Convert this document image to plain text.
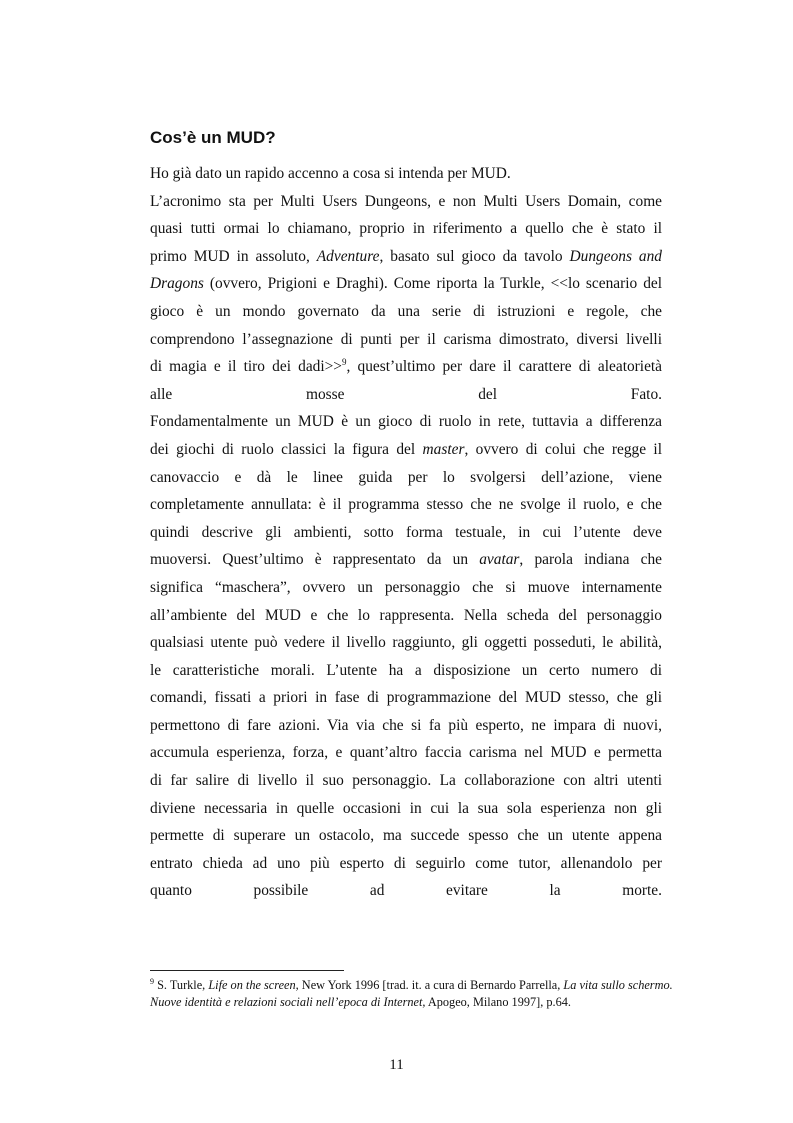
Cos’è un MUD?

Ho già dato un rapido accenno a cosa si intenda per MUD.

L’acronimo sta per Multi Users Dungeons, e non Multi Users Domain, come
quasi tutti ormai lo chiamano, proprio in riferimento a quello che è stato il
primo MUD in assoluto, Adventure, basato sul gioco da tavolo Dungeons and
Dragons (ovvero, Prigioni e Draghi). Come riporta la Turkle, <<lo scenario del
gioco è un mondo governato da una serie di istruzioni e regole, che
comprendono l’assegnazione di punti per il carisma dimostrato, diversi livelli
di magia e il tiro dei dadi>>$^9$, quest’ultimo per dare il carattere di aleatorietà
alle mosse del Fato.

Fondamentalmente un MUD è un gioco di ruolo in rete, tuttavia a differenza
dei giochi di ruolo classici la figura del master, ovvero di colui che regge il
canovaccio e dà le linee guida per lo svolgersi dell’azione, viene
completamente annullata: è il programma stesso che ne svolge il ruolo, e che
quindi descrive gli ambienti, sotto forma testuale, in cui l’utente deve
muoversi. Quest’ultimo è rappresentato da un avatar, parola indiana che
significa “maschera”, ovvero un personaggio che si muove internamente
all’ambiente del MUD e che lo rappresenta. Nella scheda del personaggio
qualsiasi utente può vedere il livello raggiunto, gli oggetti posseduti, le abilità,
le caratteristiche morali. L’utente ha a disposizione un certo numero di
comandi, fissati a priori in fase di programmazione del MUD stesso, che gli
permettono di fare azioni. Via via che si fa più esperto, ne impara di nuovi,
accumula esperienza, forza, e quant’altro faccia carisma nel MUD e permetta
di far salire di livello il suo personaggio. La collaborazione con altri utenti
diviene necessaria in quelle occasioni in cui la sua sola esperienza non gli
permette di superare un ostacolo, ma succede spesso che un utente appena
entrato chieda ad uno più esperto di seguirlo come tutor, allenandolo per
quanto possibile ad evitare la morte.

$^9$ S. Turkle, Life on the screen, New York 1996 [trad. it. a cura di Bernardo Parrella, La vita sullo schermo. Nuove identità e relazioni sociali nell’epoca di Internet, Apogeo, Milano 1997], p.64.
11
